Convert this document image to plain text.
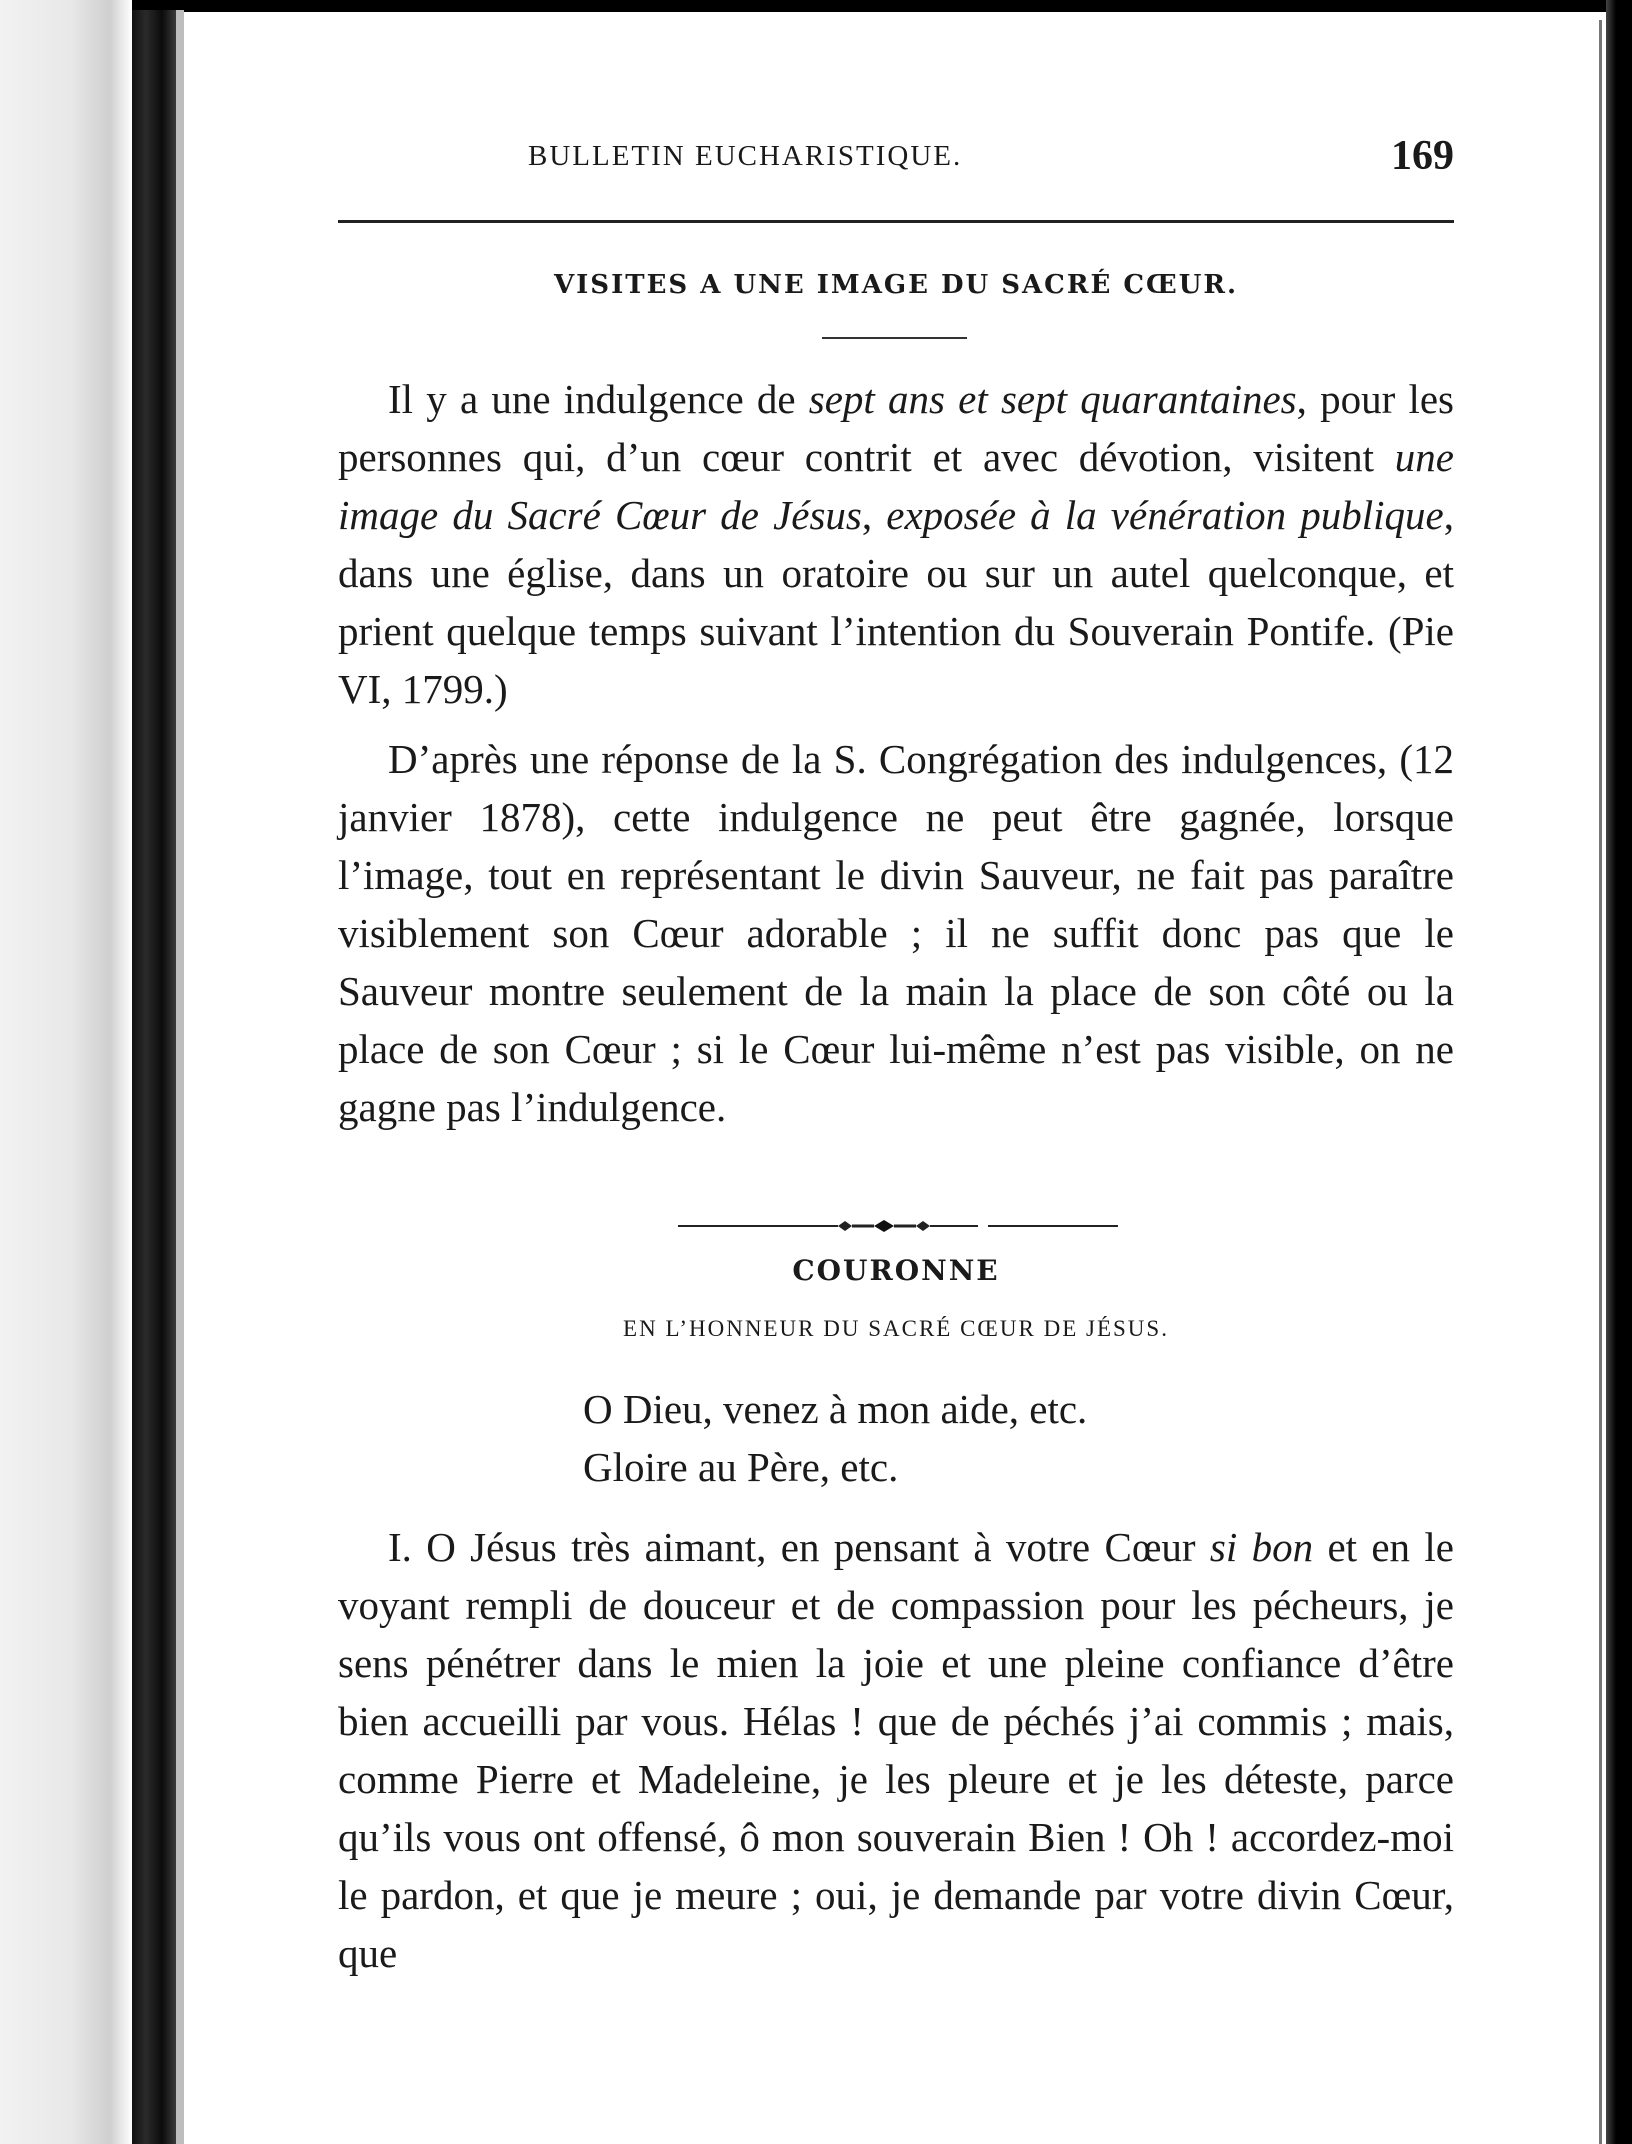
BULLETIN EUCHARISTIQUE.	169
VISITES A UNE IMAGE DU SACRÉ CŒUR.

Il y a une indulgence de sept ans et sept quarantaines, pour les personnes qui, d’un cœur contrit et avec dévotion, visitent une image du Sacré Cœur de Jésus, exposée à la vénération publique, dans une église, dans un oratoire ou sur un autel quelconque, et prient quelque temps suivant l’intention du Souverain Pontife. (Pie VI, 1799.)

D’après une réponse de la S. Congrégation des indulgences, (12 janvier 1878), cette indulgence ne peut être gagnée, lorsque l’image, tout en représentant le divin Sauveur, ne fait pas paraître visiblement son Cœur adorable ; il ne suffit donc pas que le Sauveur montre seulement de la main la place de son côté ou la place de son Cœur ; si le Cœur lui-même n’est pas visible, on ne gagne pas l’indulgence.

COURONNE
EN L’HONNEUR DU SACRÉ CŒUR DE JÉSUS.
O Dieu, venez à mon aide, etc.
Gloire au Père, etc.

I. O Jésus très aimant, en pensant à votre Cœur si bon et en le voyant rempli de douceur et de compassion pour les pécheurs, je sens pénétrer dans le mien la joie et une pleine confiance d’être bien accueilli par vous. Hélas ! que de péchés j’ai commis ; mais, comme Pierre et Madeleine, je les pleure et je les déteste, parce qu’ils vous ont offensé, ô mon souverain Bien ! Oh ! accordez-moi le pardon, et que je meure ; oui, je demande par votre divin Cœur, que
